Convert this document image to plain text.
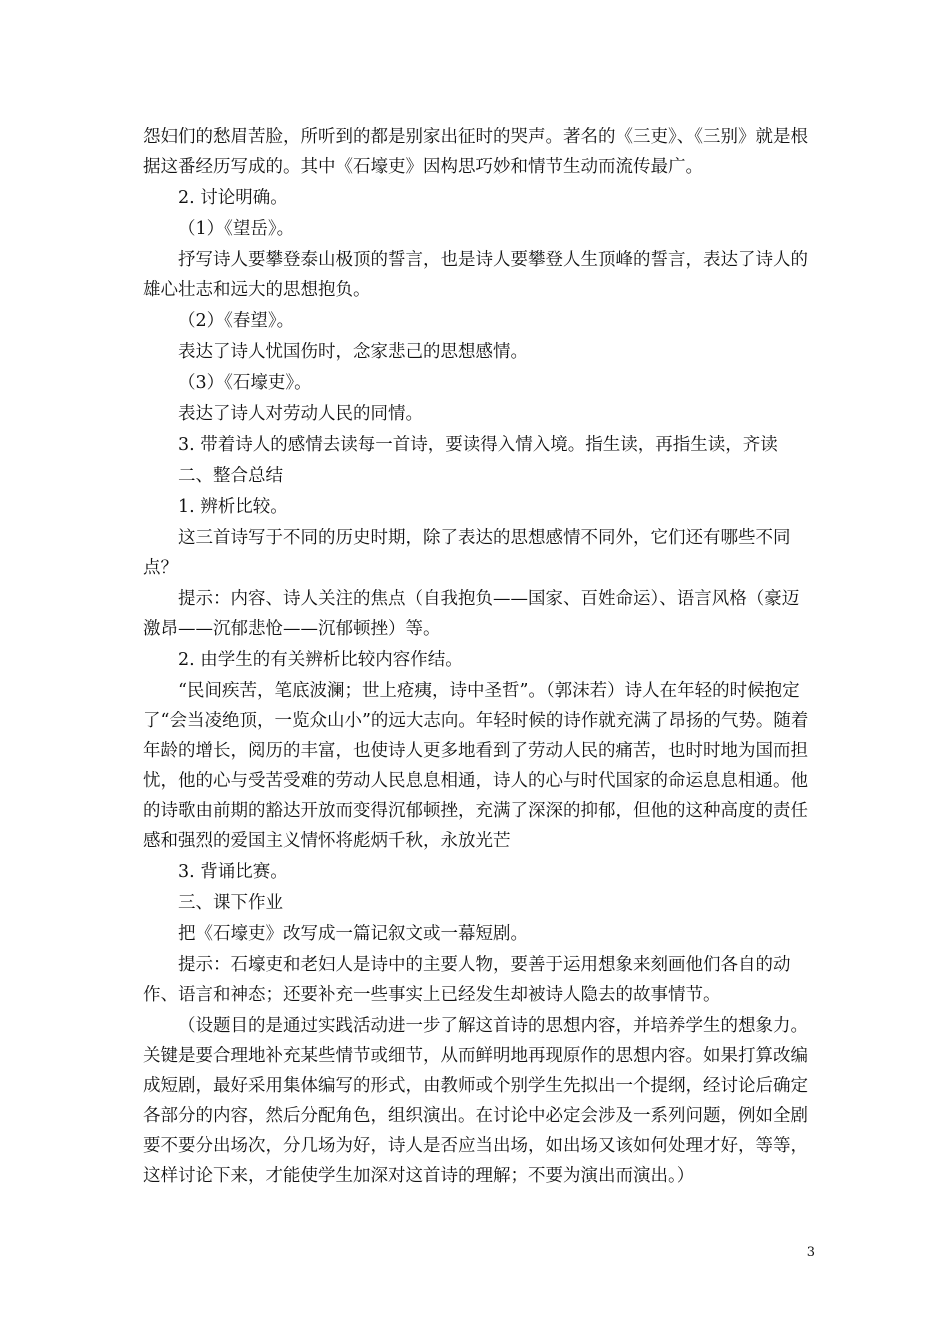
怨妇们的愁眉苦脸，所听到的都是别家出征时的哭声。著名的《三吏》、《三别》就是根据这番经历写成的。其中《石壕吏》因构思巧妙和情节生动而流传最广。

2. 讨论明确。

（1）《望岳》。

抒写诗人要攀登泰山极顶的誓言，也是诗人要攀登人生顶峰的誓言，表达了诗人的雄心壮志和远大的思想抱负。

（2）《春望》。

表达了诗人忧国伤时，念家悲己的思想感情。

（3）《石壕吏》。

表达了诗人对劳动人民的同情。

3. 带着诗人的感情去读每一首诗，要读得入情入境。指生读，再指生读，齐读

二、整合总结

1. 辨析比较。

这三首诗写于不同的历史时期，除了表达的思想感情不同外，它们还有哪些不同点？

提示：内容、诗人关注的焦点（自我抱负——国家、百姓命运）、语言风格（豪迈激昂——沉郁悲怆——沉郁顿挫）等。

2. 由学生的有关辨析比较内容作结。

“民间疾苦，笔底波澜；世上疮痍，诗中圣哲”。（郭沫若）诗人在年轻的时候抱定了“会当凌绝顶，一览众山小”的远大志向。年轻时候的诗作就充满了昂扬的气势。随着年龄的增长，阅历的丰富，也使诗人更多地看到了劳动人民的痛苦，也时时地为国而担忧，他的心与受苦受难的劳动人民息息相通，诗人的心与时代国家的命运息息相通。他的诗歌由前期的豁达开放而变得沉郁顿挫，充满了深深的抑郁，但他的这种高度的责任感和强烈的爱国主义情怀将彪炳千秋，永放光芒

3. 背诵比赛。

三、课下作业

把《石壕吏》改写成一篇记叙文或一幕短剧。

提示：石壕吏和老妇人是诗中的主要人物，要善于运用想象来刻画他们各自的动作、语言和神态；还要补充一些事实上已经发生却被诗人隐去的故事情节。

（设题目的是通过实践活动进一步了解这首诗的思想内容，并培养学生的想象力。关键是要合理地补充某些情节或细节，从而鲜明地再现原作的思想内容。如果打算改编成短剧，最好采用集体编写的形式，由教师或个别学生先拟出一个提纲，经讨论后确定各部分的内容，然后分配角色，组织演出。在讨论中必定会涉及一系列问题，例如全剧要不要分出场次，分几场为好，诗人是否应当出场，如出场又该如何处理才好，等等，这样讨论下来，才能使学生加深对这首诗的理解；不要为演出而演出。）

3
